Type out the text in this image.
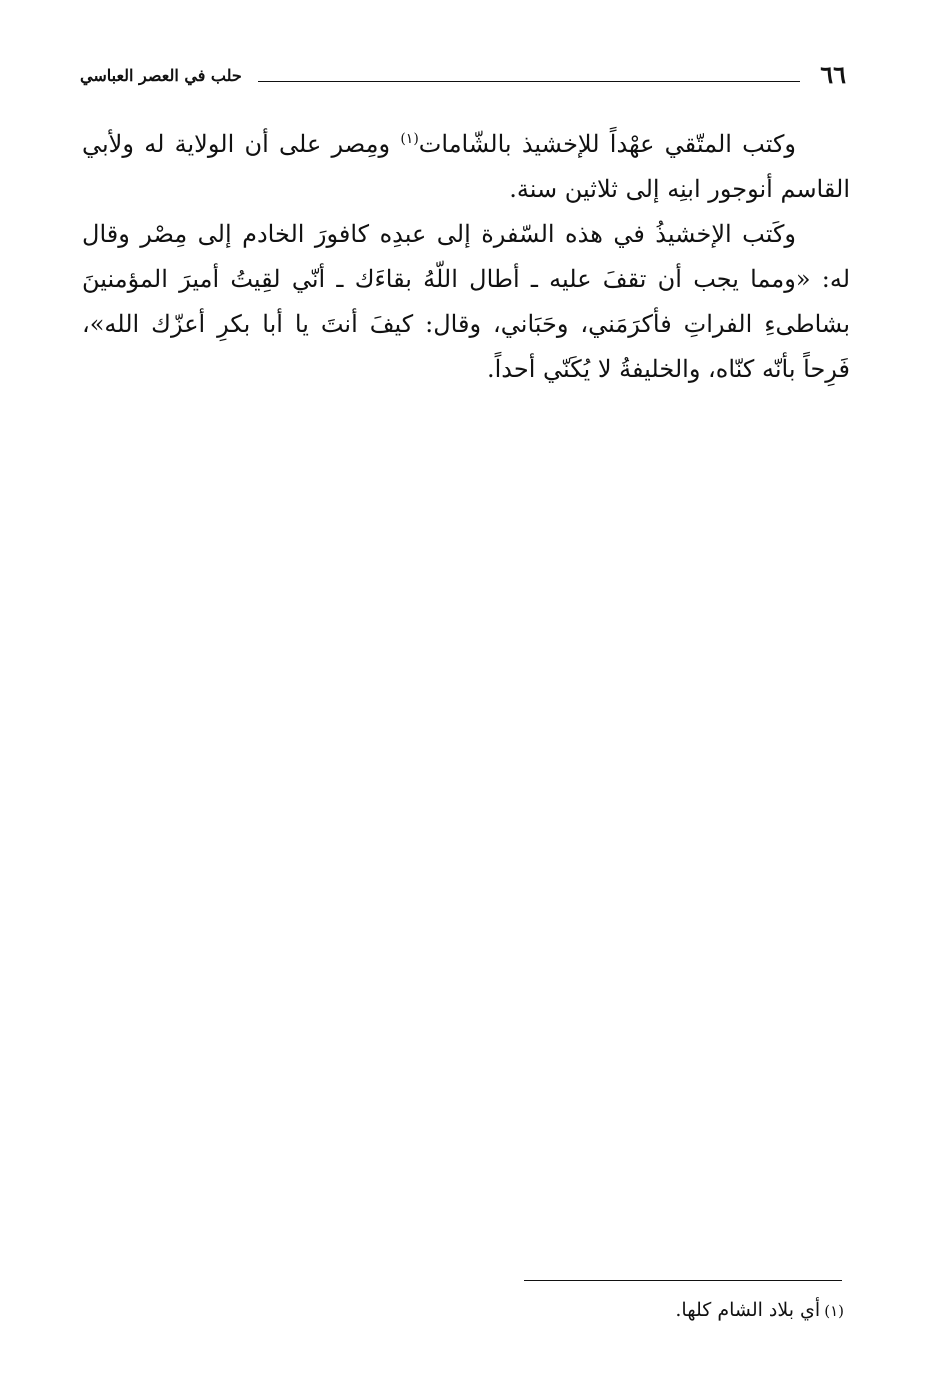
٦٦
حلب في العصر العباسي

وكتب المتّقي عهْداً للإخشيذ بالشّامات$^{(١)}$ ومِصر على أن الولاية له ولأبي القاسم أنوجور ابنِه إلى ثلاثين سنة.

وكَتب الإخشيذُ في هذه السّفرة إلى عبدِه كافورَ الخادم إلى مِصْر وقال له: «ومما يجب أن تقفَ عليه ـ أطال اللّهُ بقاءَك ـ أنّي لقِيتُ أميرَ المؤمنينَ بشاطىءِ الفراتِ فأكرَمَني، وحَبَاني، وقال: كيفَ أنتَ يا أبا بكرِ أعزّك الله»، فَرِحاً بأنّه كنّاه، والخليفةُ لا يُكَنّي أحداً.

(١)أي بلاد الشام كلها.
